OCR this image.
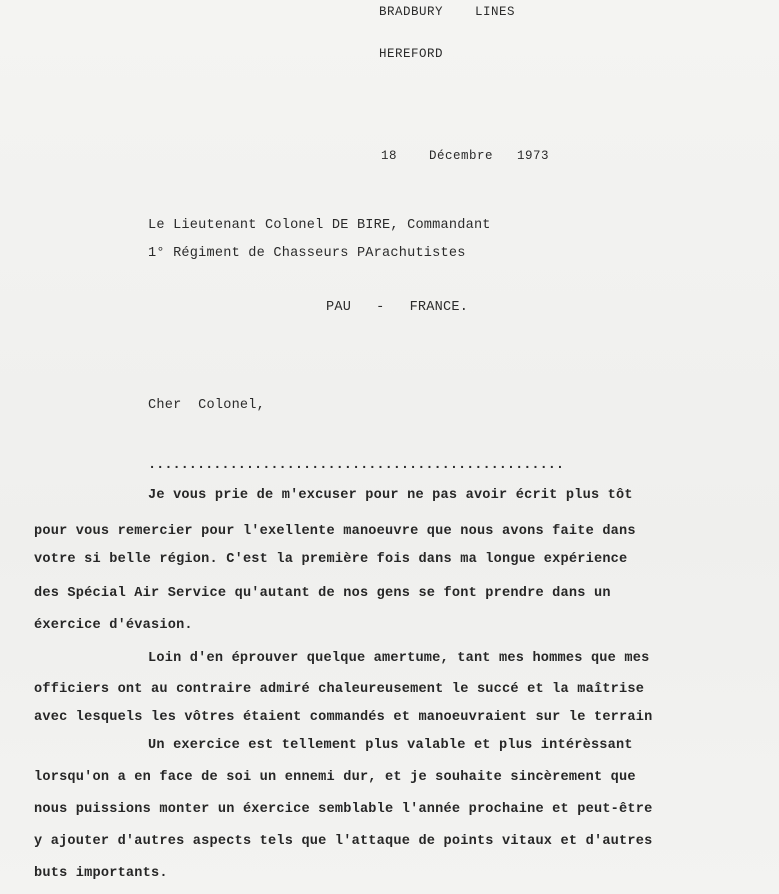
BRADBURY    LINES
HEREFORD
18    Décembre   1973
Le Lieutenant Colonel DE BIRE, Commandant
1° Régiment de Chasseurs PArachutistes
PAU   -   FRANCE.
Cher  Colonel,
...................................................
Je vous prie de m'excuser pour ne pas avoir écrit plus tôt
pour vous remercier pour l'exellente manoeuvre que nous avons faite dans
votre si belle région. C'est la première fois dans ma longue expérience
des Spécial Air Service qu'autant de nos gens se font prendre dans un
éxercice d'évasion.
Loin d'en éprouver quelque amertume, tant mes hommes que mes
officiers ont au contraire admiré chaleureusement le succé et la maîtrise
avec lesquels les vôtres étaient commandés et manoeuvraient sur le terrain
Un exercice est tellement plus valable et plus intérèssant
lorsqu'on a en face de soi un ennemi dur, et je souhaite sincèrement que
nous puissions monter un éxercice semblable l'année prochaine et peut-être
y ajouter d'autres aspects tels que l'attaque de points vitaux et d'autres
buts importants.
